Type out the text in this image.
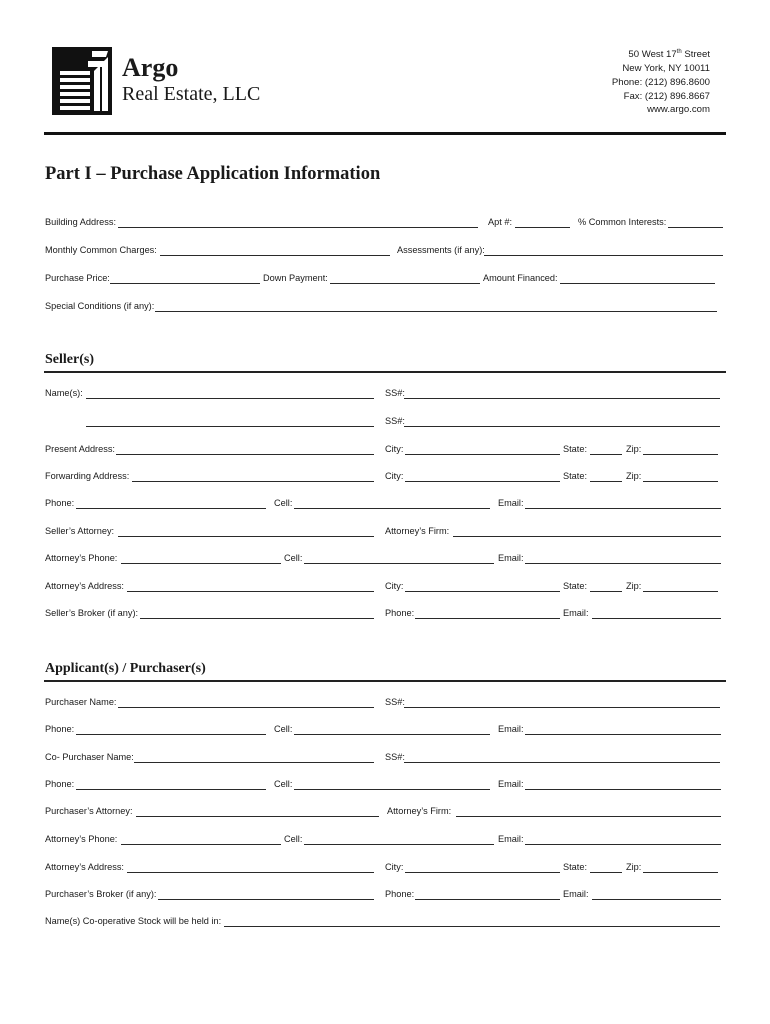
Argo
Real Estate, LLC
50 West 17th Street
New York, NY 10011
Phone: (212) 896.8600
Fax: (212) 896.8667
www.argo.com
Part I – Purchase Application Information
Building Address:	Apt #:	% Common Interests:
Monthly Common Charges:	Assessments (if any):
Purchase Price:	Down Payment:	Amount Financed:
Special Conditions (if any):
Seller(s)
Name(s):	SS#:
SS#:
Present Address:	City:	State:	Zip:
Forwarding Address:	City:	State:	Zip:
Phone:	Cell:	Email:
Seller’s Attorney:	Attorney’s Firm:
Attorney’s Phone:	Cell:	Email:
Attorney’s Address:	City:	State:	Zip:
Seller’s Broker (if any):	Phone:	Email:
Applicant(s) / Purchaser(s)
Purchaser Name:	SS#:
Phone:	Cell:	Email:
Co- Purchaser Name:	SS#:
Phone:	Cell:	Email:
Purchaser’s Attorney:	Attorney’s Firm:
Attorney’s Phone:	Cell:	Email:
Attorney’s Address:	City:	State:	Zip:
Purchaser’s Broker (if any):	Phone:	Email:
Name(s) Co-operative Stock will be held in:
